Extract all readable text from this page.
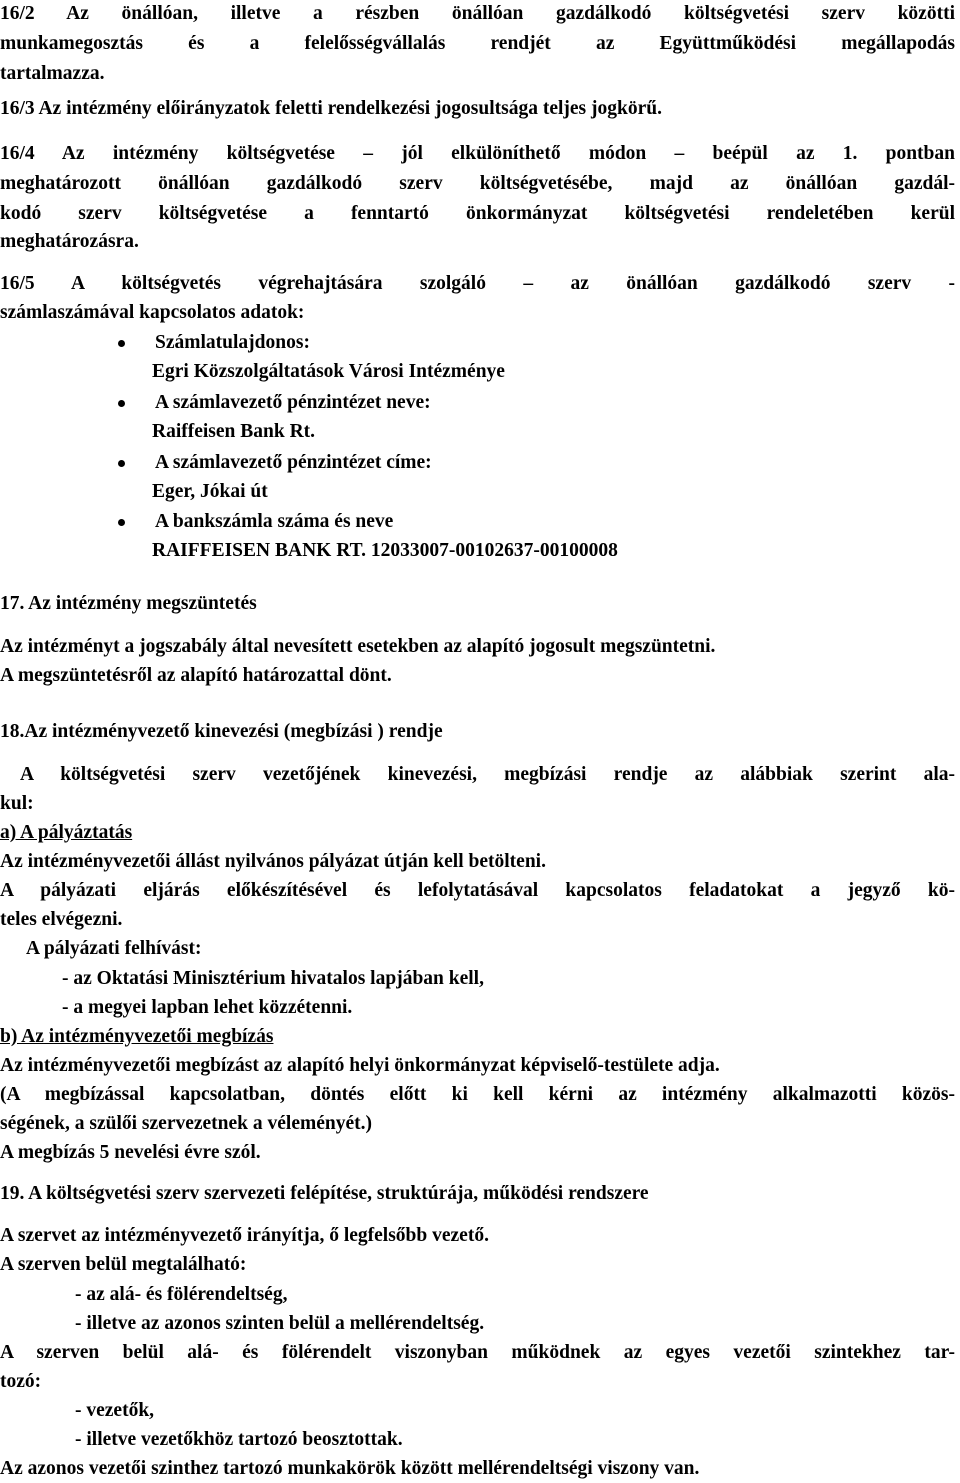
16/2 Az önállóan, illetve a részben önállóan gazdálkodó költségvetési szerv közötti

munkamegosztás és a felelősségvállalás rendjét az Együttműködési megállapodás

tartalmazza.

16/3 Az intézmény előirányzatok feletti rendelkezési jogosultsága teljes jogkörű.

16/4 Az intézmény költségvetése – jól elkülöníthető módon – beépül az 1. pontban

meghatározott önállóan gazdálkodó szerv költségvetésébe, majd az önállóan gazdál-

kodó szerv költségvetése a fenntartó önkormányzat költségvetési rendeletében kerül

meghatározásra.

16/5 A költségvetés végrehajtására szolgáló – az önállóan gazdálkodó szerv -

számlaszámával kapcsolatos adatok:

Számlatulajdonos:

Egri Közszolgáltatások Városi Intézménye

A számlavezető pénzintézet neve:

Raiffeisen Bank Rt.

A számlavezető pénzintézet címe:

Eger, Jókai út

A bankszámla száma és neve

RAIFFEISEN BANK RT. 12033007-00102637-00100008

17. Az intézmény megszüntetés

Az intézményt a jogszabály által nevesített esetekben az alapító jogosult megszüntetni.

A megszüntetésről az alapító határozattal dönt.

18.Az intézményvezető kinevezési (megbízási ) rendje

A költségvetési szerv vezetőjének kinevezési, megbízási rendje az alábbiak szerint ala-

kul:

a) A pályáztatás

Az intézményvezetői állást nyilvános pályázat útján kell betölteni.

A pályázati eljárás előkészítésével és lefolytatásával kapcsolatos feladatokat a jegyző kö-

teles elvégezni.

A pályázati felhívást:

- az Oktatási Minisztérium hivatalos lapjában kell,

- a megyei lapban lehet közzétenni.

b) Az intézményvezetői megbízás

Az intézményvezetői megbízást az alapító helyi önkormányzat képviselő-testülete adja.

(A megbízással kapcsolatban, döntés előtt ki kell kérni az intézmény alkalmazotti közös-

ségének, a szülői szervezetnek a véleményét.)

A megbízás 5 nevelési évre szól.

19. A költségvetési szerv szervezeti felépítése, struktúrája, működési rendszere

A szervet az intézményvezető irányítja, ő legfelsőbb vezető.

A szerven belül megtalálható:

- az alá- és fölérendeltség,

- illetve az azonos szinten belül a mellérendeltség.

A szerven belül alá- és fölérendelt viszonyban működnek az egyes vezetői szintekhez tar-

tozó:

- vezetők,

- illetve vezetőkhöz tartozó beosztottak.

Az azonos vezetői szinthez tartozó munkakörök között mellérendeltségi viszony van.
